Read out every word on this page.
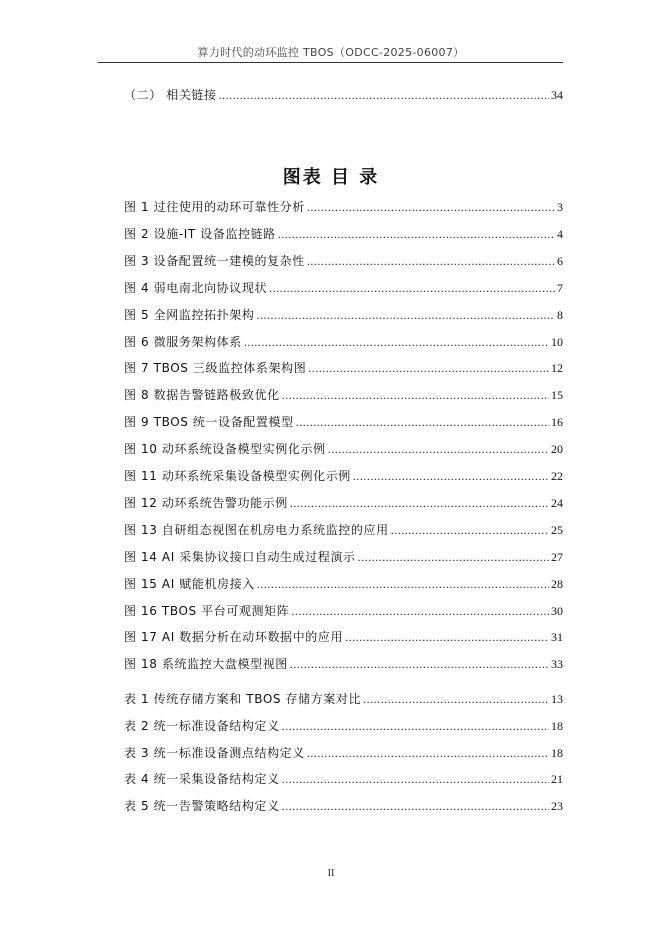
算力时代的动环监控 TBOS（ODCC-2025-06007）
（二） 相关链接 .....	34
图表 目 录
图 1 过往使用的动环可靠性分析 .....	3
图 2 设施-IT 设备监控链路 .....	4
图 3 设备配置统一建模的复杂性 .....	6
图 4 弱电南北向协议现状 .....	7
图 5 全网监控拓扑架构 .....	8
图 6 微服务架构体系 .....	10
图 7 TBOS 三级监控体系架构图 .....	12
图 8 数据告警链路极致优化 .....	15
图 9 TBOS 统一设备配置模型 .....	16
图 10 动环系统设备模型实例化示例 .....	20
图 11 动环系统采集设备模型实例化示例 .....	22
图 12 动环系统告警功能示例 .....	24
图 13 自研组态视图在机房电力系统监控的应用 .....	25
图 14 AI 采集协议接口自动生成过程演示 .....	27
图 15 AI 赋能机房接入 .....	28
图 16 TBOS 平台可观测矩阵 .....	30
图 17 AI 数据分析在动环数据中的应用 .....	31
图 18 系统监控大盘模型视图 .....	33
表 1 传统存储方案和 TBOS 存储方案对比 .....	13
表 2 统一标准设备结构定义 .....	18
表 3 统一标准设备测点结构定义 .....	18
表 4 统一采集设备结构定义 .....	21
表 5 统一告警策略结构定义 .....	23
II
